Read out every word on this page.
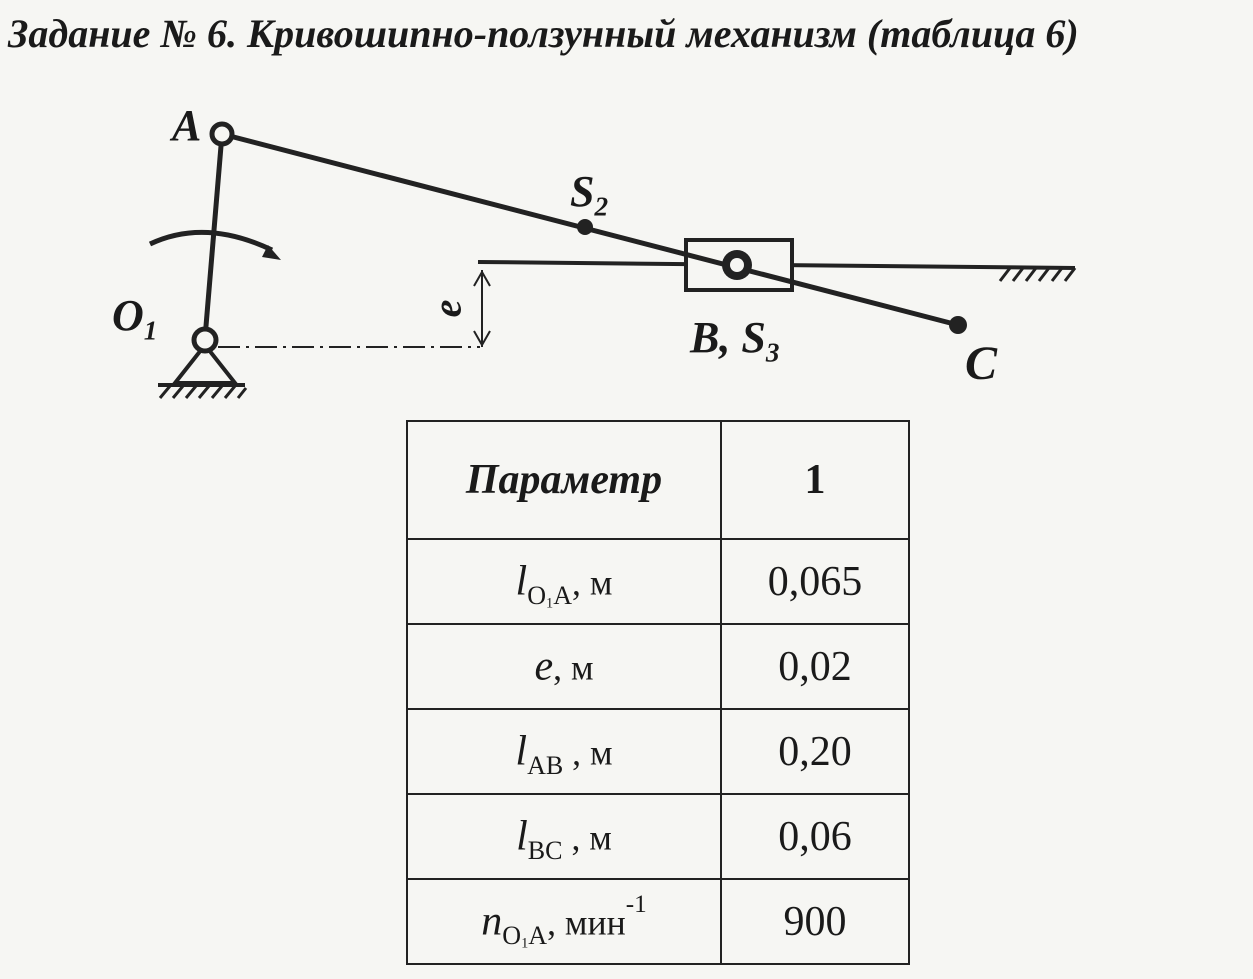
Задание № 6. Кривошипно-ползунный механизм (таблица 6)
A
$O_1$
$S_2$
B, $S_3$	C
e
Параметр	1
$l_{O1A}$, м	0,065
e, м	0,02
$l_{AB}$ , м	0,20
$l_{BC}$ , м	0,06
$n_{O1A}$, мин$^{-1}$	900
